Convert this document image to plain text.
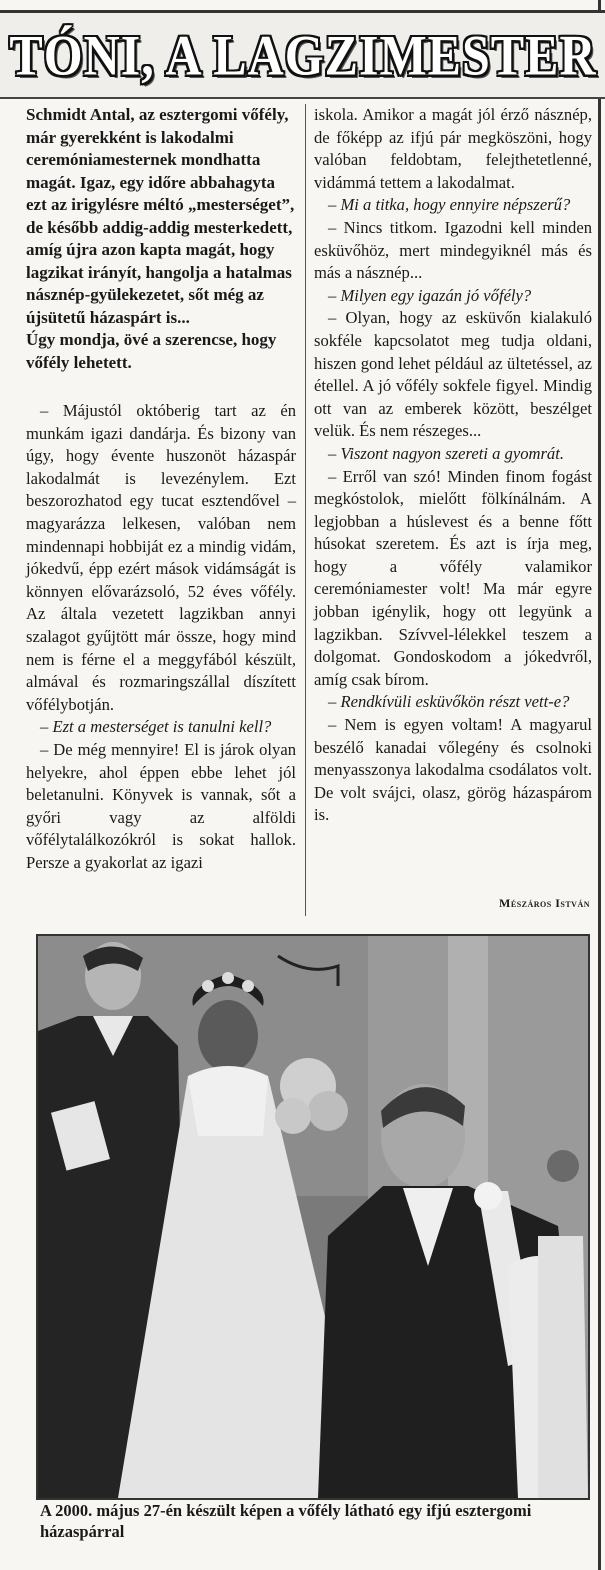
TÓNI, A LAGZIMESTER

Schmidt Antal, az esztergomi vőfély, már gyerekként is lakodalmi ceremóniamesternek mondhatta magát. Igaz, egy időre abbahagyta ezt az irigylésre méltó „mesterséget”, de később addig-addig mesterkedett, amíg újra azon kapta magát, hogy lagzikat irányít, hangolja a hatalmas násznép-gyülekezetet, sőt még az újsütetű házaspárt is...

Úgy mondja, övé a szerencse, hogy vőfély lehetett.

– Májustól októberig tart az én munkám igazi dandárja. És bizony van úgy, hogy évente huszonöt házaspár lakodalmát is levezénylem. Ezt beszorozhatod egy tucat esztendővel – magyarázza lelkesen, valóban nem mindennapi hobbiját ez a mindig vidám, jókedvű, épp ezért mások vidámságát is könnyen elővarázsoló, 52 éves vőfély. Az általa vezetett lagzikban annyi szalagot gyűjtött már össze, hogy mind nem is férne el a meggyfából készült, almával és rozmaringszállal díszített vőfélybotján.

– Ezt a mesterséget is tanulni kell?

– De még mennyire! El is járok olyan helyekre, ahol éppen ebbe lehet jól beletanulni. Könyvek is vannak, sőt a győri vagy az alföldi vőfélytalálkozókról is sokat hallok. Persze a gyakorlat az igazi

iskola. Amikor a magát jól érző násznép, de főképp az ifjú pár megköszöni, hogy valóban feldobtam, felejthetetlenné, vidámmá tettem a lakodalmat.

– Mi a titka, hogy ennyire népszerű?

– Nincs titkom. Igazodni kell minden esküvőhöz, mert mindegyiknél más és más a násznép...

– Milyen egy igazán jó vőfély?

– Olyan, hogy az esküvőn kialakuló sokféle kapcsolatot meg tudja oldani, hiszen gond lehet például az ültetéssel, az étellel. A jó vőfély sokfele figyel. Mindig ott van az emberek között, beszélget velük. És nem részeges...

– Viszont nagyon szereti a gyomrát.

– Erről van szó! Minden finom fogást megkóstolok, mielőtt fölkínálnám. A legjobban a húslevest és a benne főtt húsokat szeretem. És azt is írja meg, hogy a vőfély valamikor ceremóniamester volt! Ma már egyre jobban igénylik, hogy ott legyünk a lagzikban. Szívvel-lélekkel teszem a dolgomat. Gondoskodom a jókedvről, amíg csak bírom.

– Rendkívüli esküvőkön részt vett-e?

– Nem is egyen voltam! A magyarul beszélő kanadai vőlegény és csolnoki menyasszonya lakodalma csodálatos volt. De volt svájci, olasz, görög házaspárom is.

Mészáros István
A 2000. május 27-én készült képen a vőfély látható egy ifjú esztergomi házaspárral
